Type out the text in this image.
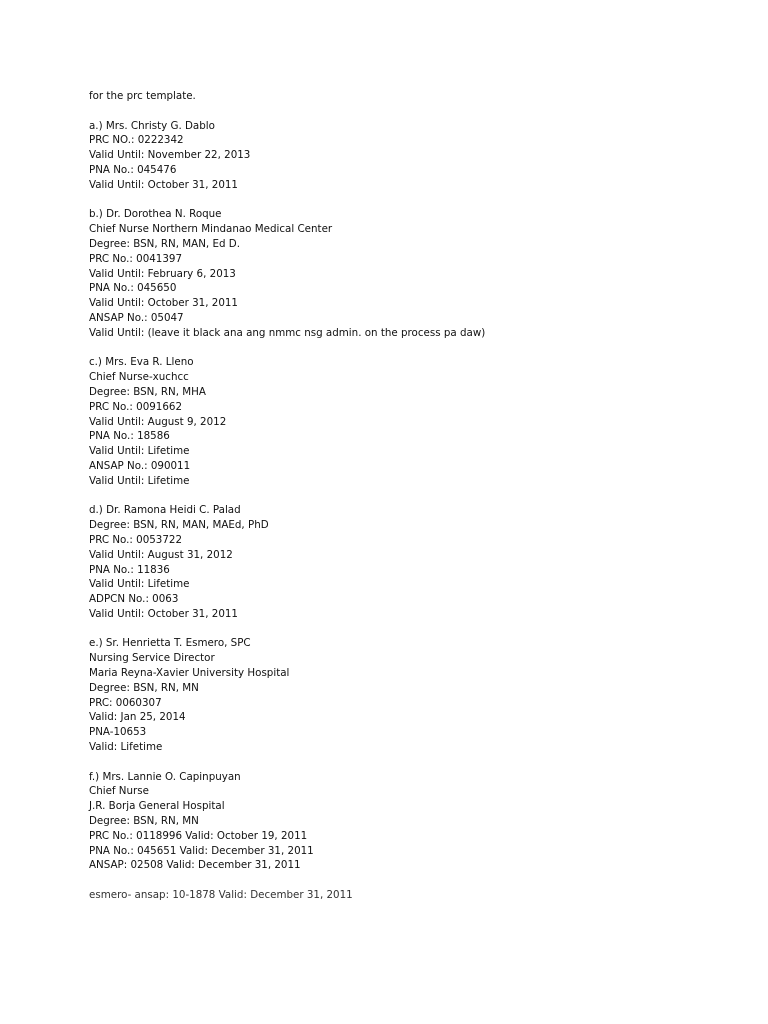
for the prc template.
a.) Mrs. Christy G. Dablo
PRC NO.: 0222342
Valid Until: November 22, 2013
PNA No.: 045476
Valid Until: October 31, 2011
b.) Dr. Dorothea N. Roque
Chief Nurse Northern Mindanao Medical Center
Degree: BSN, RN, MAN, Ed D.
PRC No.: 0041397
Valid Until: February 6, 2013
PNA No.: 045650
Valid Until: October 31, 2011
ANSAP No.: 05047
Valid Until: (leave it black ana ang nmmc nsg admin. on the process pa daw)
c.) Mrs. Eva R. Lleno
Chief Nurse-xuchcc
Degree: BSN, RN, MHA
PRC No.: 0091662
Valid Until: August 9, 2012
PNA No.: 18586
Valid Until: Lifetime
ANSAP No.: 090011
Valid Until: Lifetime
d.) Dr. Ramona Heidi C. Palad
Degree: BSN, RN, MAN, MAEd, PhD
PRC No.: 0053722
Valid Until: August 31, 2012
PNA No.: 11836
Valid Until: Lifetime
ADPCN No.: 0063
Valid Until: October 31, 2011
e.) Sr. Henrietta T. Esmero, SPC
Nursing Service Director
Maria Reyna-Xavier University Hospital
Degree: BSN, RN, MN
PRC: 0060307
Valid: Jan 25, 2014
PNA-10653
Valid: Lifetime
f.) Mrs. Lannie O. Capinpuyan
Chief Nurse
J.R. Borja General Hospital
Degree: BSN, RN, MN
PRC No.: 0118996 Valid: October 19, 2011
PNA No.: 045651 Valid: December 31, 2011
ANSAP: 02508 Valid: December 31, 2011
esmero- ansap: 10-1878 Valid: December 31, 2011
